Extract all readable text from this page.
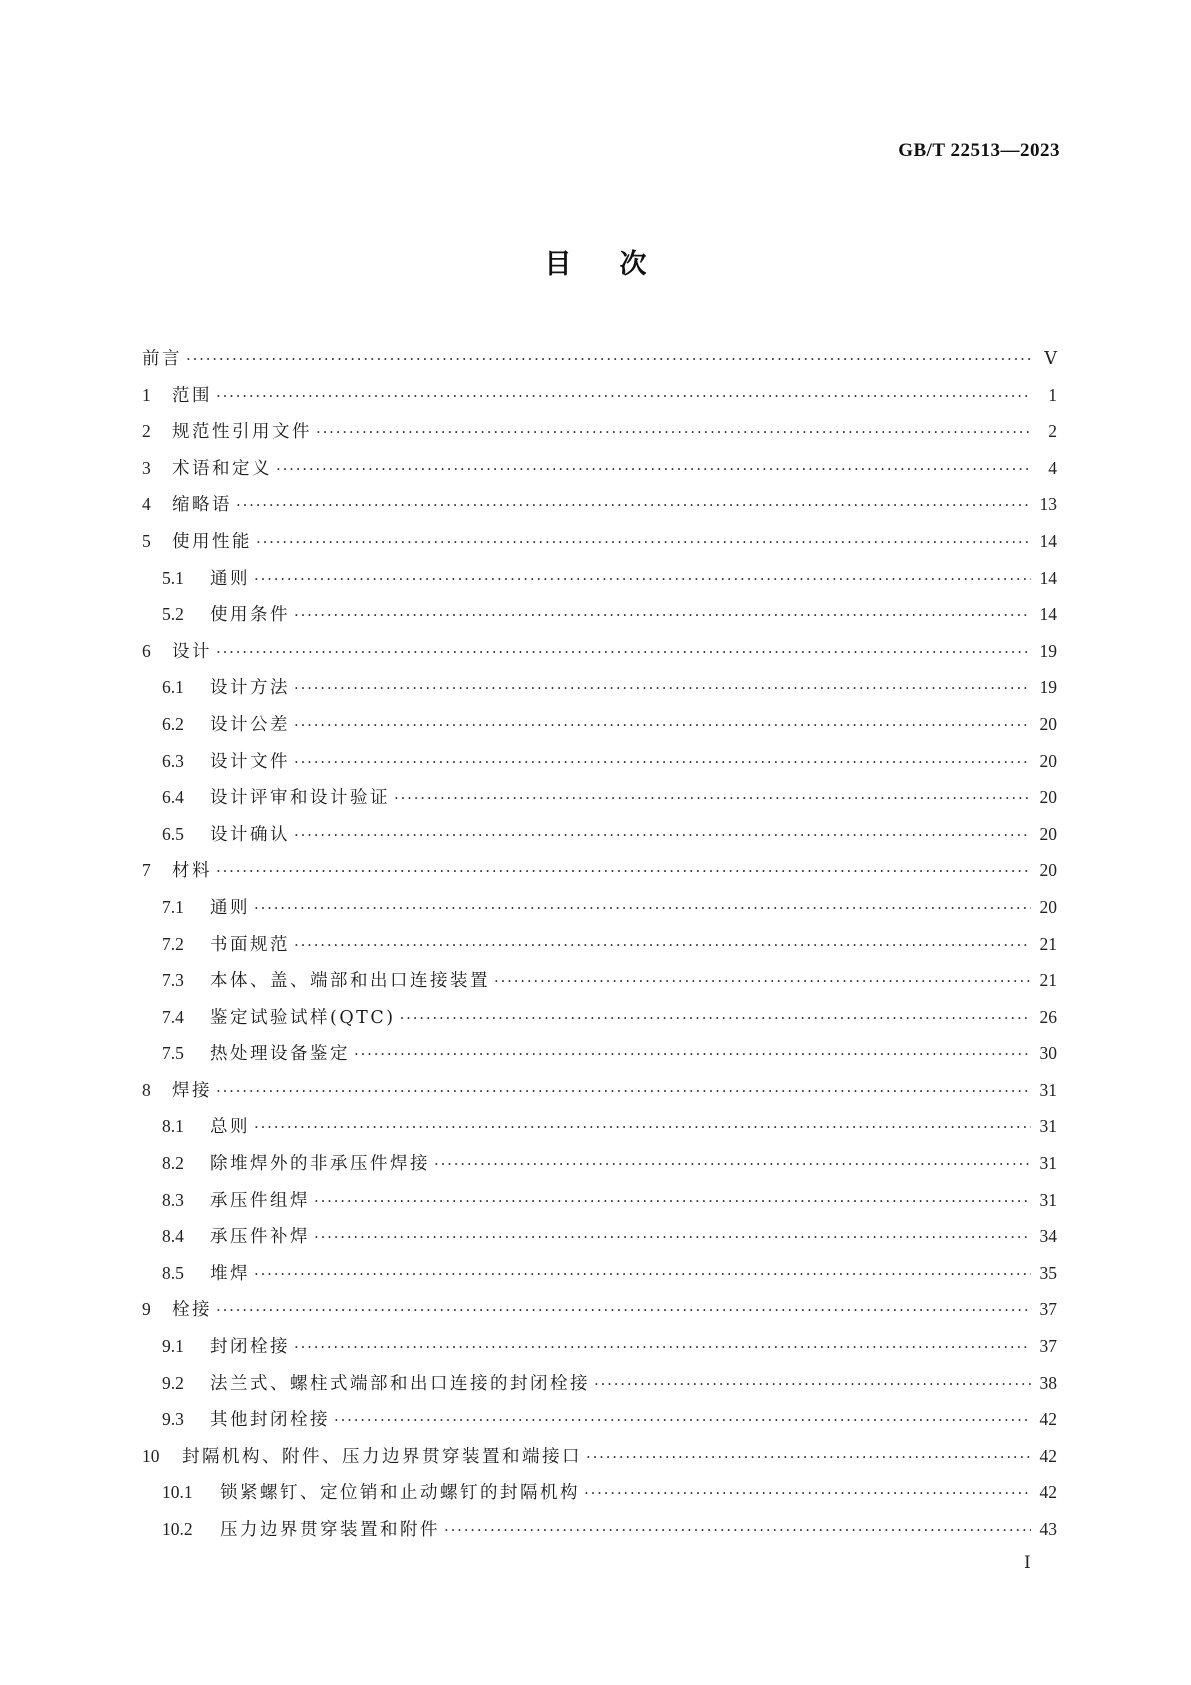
GB/T 22513—2023
目次
前言 ·····	Ⅴ
1	范围 ·····	1
2	规范性引用文件 ·····	2
3	术语和定义 ·····	4
4	缩略语 ·····	13
5	使用性能 ·····	14
5.1	通则 ·····	14
5.2	使用条件 ·····	14
6	设计 ·····	19
6.1	设计方法 ·····	19
6.2	设计公差 ·····	20
6.3	设计文件 ·····	20
6.4	设计评审和设计验证 ·····	20
6.5	设计确认 ·····	20
7	材料 ·····	20
7.1	通则 ·····	20
7.2	书面规范 ·····	21
7.3	本体、盖、端部和出口连接装置 ·····	21
7.4	鉴定试验试样(QTC) ·····	26
7.5	热处理设备鉴定 ·····	30
8	焊接 ·····	31
8.1	总则 ·····	31
8.2	除堆焊外的非承压件焊接 ·····	31
8.3	承压件组焊 ·····	31
8.4	承压件补焊 ·····	34
8.5	堆焊 ·····	35
9	栓接 ·····	37
9.1	封闭栓接 ·····	37
9.2	法兰式、螺柱式端部和出口连接的封闭栓接 ·····	38
9.3	其他封闭栓接 ·····	42
10	封隔机构、附件、压力边界贯穿装置和端接口 ·····	42
10.1	锁紧螺钉、定位销和止动螺钉的封隔机构 ·····	42
10.2	压力边界贯穿装置和附件 ·····	43
Ⅰ
